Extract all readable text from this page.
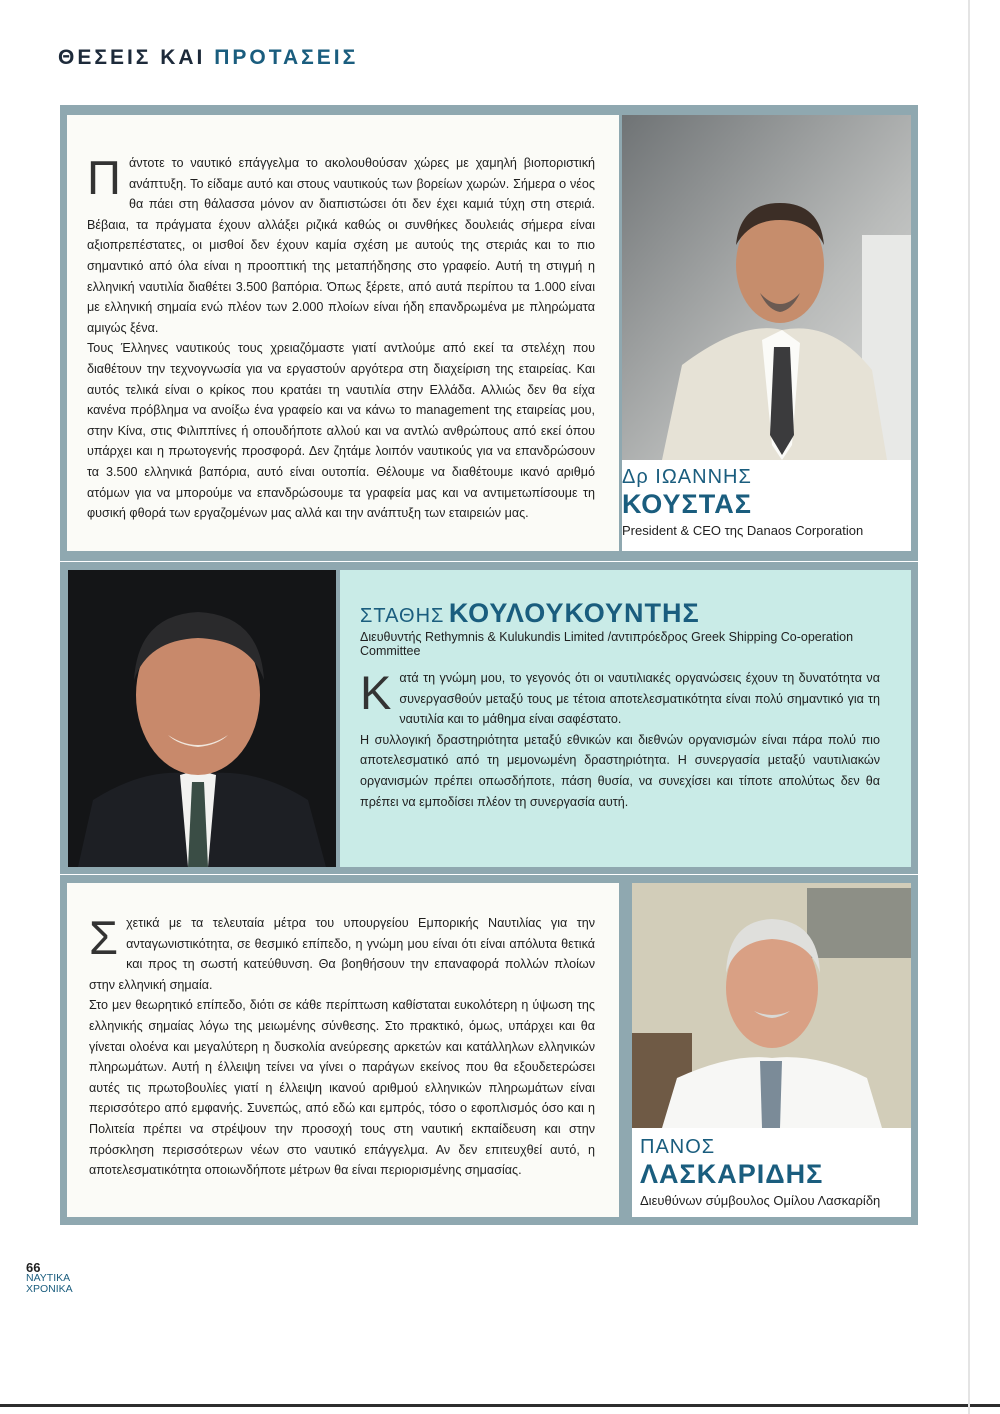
ΘΕΣΕΙΣ ΚΑΙ ΠΡΟΤΑΣΕΙΣ
Π άντοτε το ναυτικό επάγγελμα το ακολουθούσαν χώρες με χαμηλή βιοποριστική ανάπτυξη. Το είδαμε αυτό και στους ναυτικούς των βορείων χωρών. Σήμερα ο νέος θα πάει στη θάλασσα μόνον αν διαπιστώσει ότι δεν έχει καμιά τύχη στη στεριά. Βέβαια, τα πράγματα έχουν αλλάξει ριζικά καθώς οι συνθήκες δουλειάς σήμερα είναι αξιοπρεπέστατες, οι μισθοί δεν έχουν καμία σχέση με αυτούς της στεριάς και το πιο σημαντικό από όλα είναι η προοπτική της μεταπήδησης στο γραφείο. Αυτή τη στιγμή η ελληνική ναυτιλία διαθέτει 3.500 βαπόρια. Όπως ξέρετε, από αυτά περίπου τα 1.000 είναι με ελληνική σημαία ενώ πλέον των 2.000 πλοίων είναι ήδη επανδρωμένα με πληρώματα αμιγώς ξένα.

Τους Έλληνες ναυτικούς τους χρειαζόμαστε γιατί αντλούμε από εκεί τα στελέχη που διαθέτουν την τεχνογνωσία για να εργαστούν αργότερα στη διαχείριση της εταιρείας. Και αυτός τελικά είναι ο κρίκος που κρατάει τη ναυτιλία στην Ελλάδα. Αλλιώς δεν θα είχα κανένα πρόβλημα να ανοίξω ένα γραφείο και να κάνω το management της εταιρείας μου, στην Κίνα, στις Φιλιππίνες ή οπουδήποτε αλλού και να αντλώ ανθρώπους από εκεί όπου υπάρχει και η πρωτογενής προσφορά. Δεν ζητάμε λοιπόν ναυτικούς για να επανδρώσουν τα 3.500 ελληνικά βαπόρια, αυτό είναι ουτοπία. Θέλουμε να διαθέτουμε ικανό αριθμό ατόμων για να μπορούμε να επανδρώσουμε τα γραφεία μας και να αντιμετωπίσουμε τη φυσική φθορά των εργαζομένων μας αλλά και την ανάπτυξη των εταιρειών μας.

Δρ ΙΩΑΝΝΗΣ
ΚΟΥΣΤΑΣ
President & CEO της Danaos Corporation
ΣΤΑΘΗΣ ΚΟΥΛΟΥΚΟΥΝΤΗΣ
Διευθυντής Rethymnis & Kulukundis Limited /αντιπρόεδρος Greek Shipping Co-operation Committee
Κ ατά τη γνώμη μου, το γεγονός ότι οι ναυτιλιακές οργανώσεις έχουν τη δυνατότητα να συνεργασθούν μεταξύ τους με τέτοια αποτελεσματικότητα είναι πολύ σημαντικό για τη ναυτιλία και το μάθημα είναι σαφέστατο.

Η συλλογική δραστηριότητα μεταξύ εθνικών και διεθνών οργανισμών είναι πάρα πολύ πιο αποτελεσματικό από τη μεμονωμένη δραστηριότητα. Η συνεργασία μεταξύ ναυτιλιακών οργανισμών πρέπει οπωσδήποτε, πάση θυσία, να συνεχίσει και τίποτε απολύτως δεν θα πρέπει να εμποδίσει πλέον τη συνεργασία αυτή.

Σ χετικά με τα τελευταία μέτρα του υπουργείου Εμπορικής Ναυτιλίας για την ανταγωνιστικότητα, σε θεσμικό επίπεδο, η γνώμη μου είναι ότι είναι απόλυτα θετικά και προς τη σωστή κατεύθυνση. Θα βοηθήσουν την επαναφορά πολλών πλοίων στην ελληνική σημαία.

Στο μεν θεωρητικό επίπεδο, διότι σε κάθε περίπτωση καθίσταται ευκολότερη η ύψωση της ελληνικής σημαίας λόγω της μειωμένης σύνθεσης. Στο πρακτικό, όμως, υπάρχει και θα γίνεται ολοένα και μεγαλύτερη η δυσκολία ανεύρεσης αρκετών και κατάλληλων ελληνικών πληρωμάτων. Αυτή η έλλειψη τείνει να γίνει ο παράγων εκείνος που θα εξουδετερώσει αυτές τις πρωτοβουλίες γιατί η έλλειψη ικανού αριθμού ελληνικών πληρωμάτων είναι περισσότερο από εμφανής. Συνεπώς, από εδώ και εμπρός, τόσο ο εφοπλισμός όσο και η Πολιτεία πρέπει να στρέψουν την προσοχή τους στη ναυτική εκπαίδευση και στην πρόσκληση περισσότερων νέων στο ναυτικό επάγγελμα. Αν δεν επιτευχθεί αυτό, η αποτελεσματικότητα οποιωνδήποτε μέτρων θα είναι περιορισμένης σημασίας.

ΠΑΝΟΣ
ΛΑΣΚΑΡΙΔΗΣ
Διευθύνων σύμβουλος Ομίλου Λασκαρίδη
66
ΝΑΥΤΙΚΑ
ΧΡΟΝΙΚΑ
